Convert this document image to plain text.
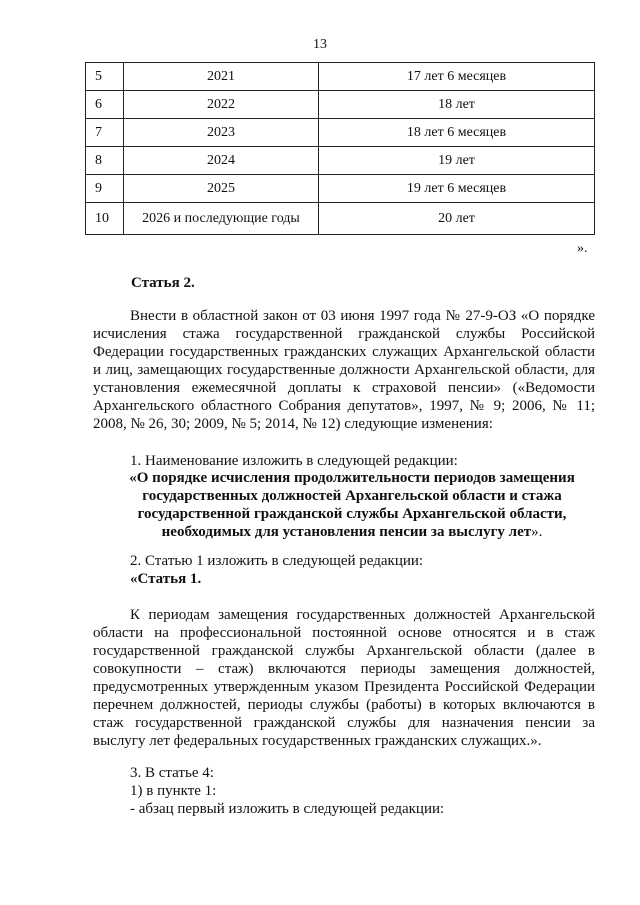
13
5	2021	17 лет 6 месяцев
6	2022	18 лет
7	2023	18 лет 6 месяцев
8	2024	19 лет
9	2025	19 лет 6 месяцев
10	2026 и последующие годы	20 лет
».
Статья 2.
Внести в областной закон от 03 июня 1997 года № 27-9-ОЗ «О порядке исчисления стажа государственной гражданской службы Российской Федерации государственных гражданских служащих Архангельской области и лиц, замещающих государственные должности Архангельской области, для установления ежемесячной доплаты к страховой пенсии» («Ведомости Архангельского областного Собрания депутатов», 1997, № 9; 2006, № 11; 2008, № 26, 30; 2009, № 5; 2014, № 12) следующие изменения:
1. Наименование изложить в следующей редакции:
«О порядке исчисления продолжительности периодов замещения
государственных должностей Архангельской области и стажа
государственной гражданской службы Архангельской области,
необходимых для установления пенсии за выслугу лет».
2. Статью 1 изложить в следующей редакции:
«Статья 1.
К периодам замещения государственных должностей Архангельской области на профессиональной постоянной основе относятся и в стаж государственной гражданской службы Архангельской области (далее в совокупности – стаж) включаются периоды замещения должностей, предусмотренных утвержденным указом Президента Российской Федерации перечнем должностей, периоды службы (работы) в которых включаются в стаж государственной гражданской службы для назначения пенсии за выслугу лет федеральных государственных гражданских служащих.».
3. В статье 4:
1) в пункте 1:
- абзац первый изложить в следующей редакции:
